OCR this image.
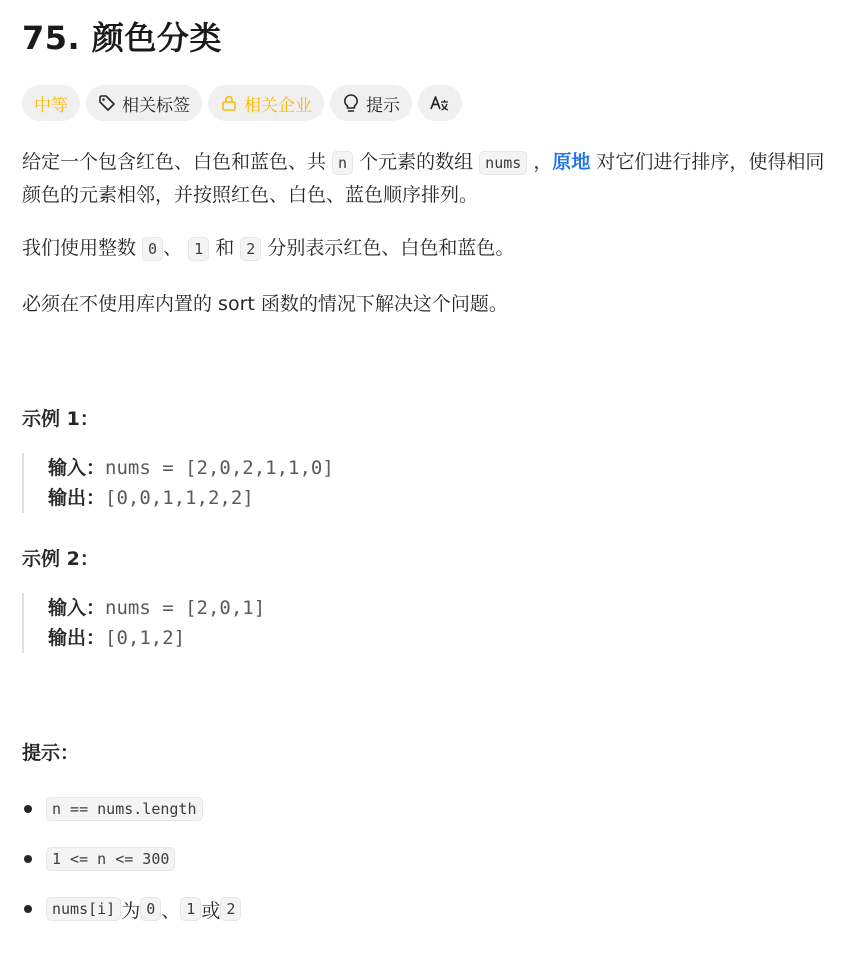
75. 颜色分类
中等	相关标签	相关企业	提示
给定一个包含红色、白色和蓝色、共 n 个元素的数组 nums ，原地 对它们进行排序，使得相同颜色的元素相邻，并按照红色、白色、蓝色顺序排列。
我们使用整数 0 、 1 和 2 分别表示红色、白色和蓝色。
必须在不使用库内置的 sort 函数的情况下解决这个问题。
示例 1：
输入：nums = [2,0,2,1,1,0]
输出：[0,0,1,1,2,2]
示例 2：
输入：nums = [2,0,1]
输出：[0,1,2]
提示：
n == nums.length
1 <= n <= 300
nums[i] 为 0 、 1 或 2
